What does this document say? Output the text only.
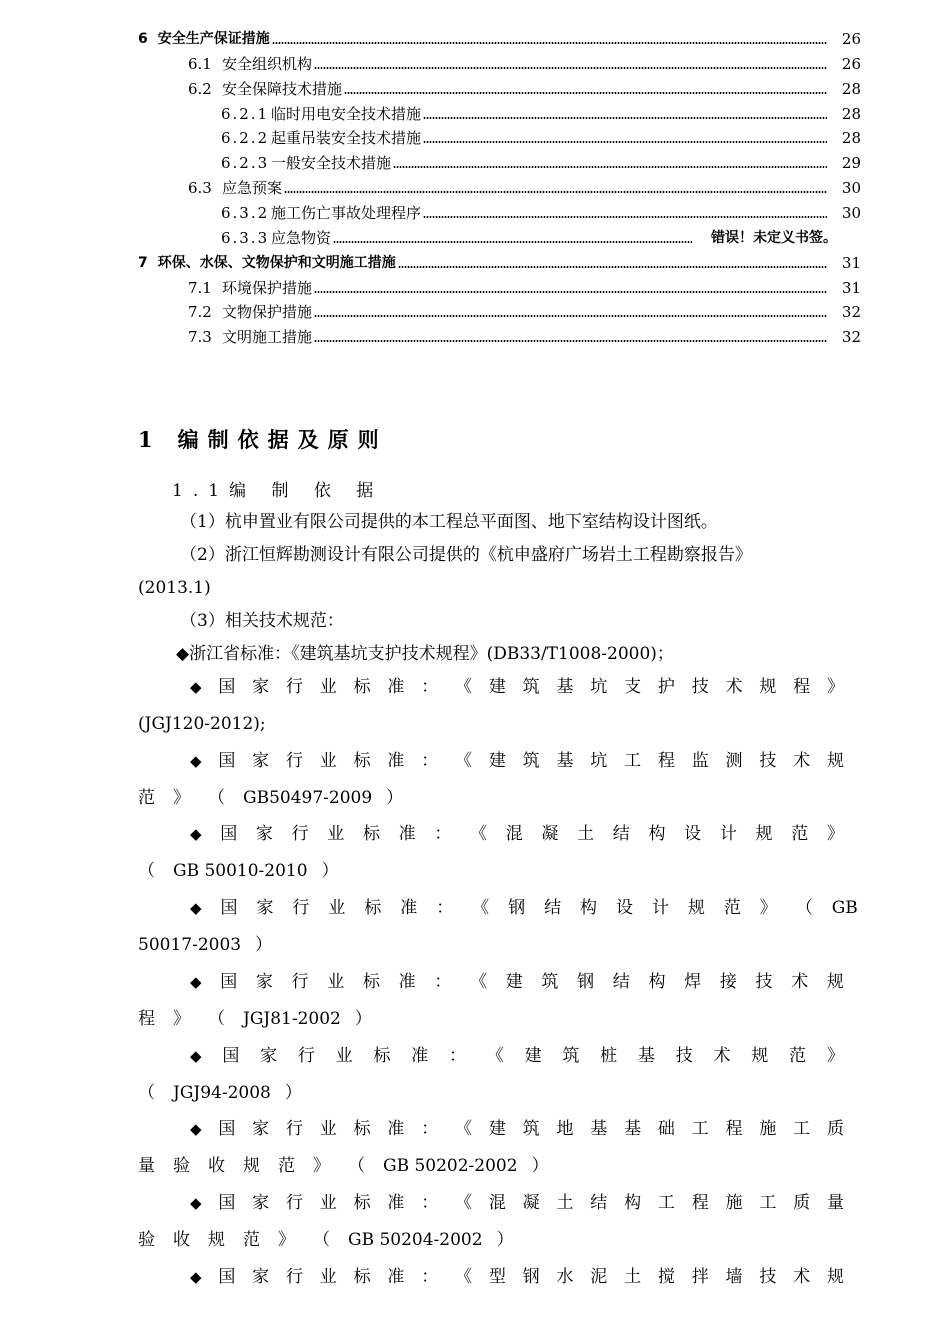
6 安全生产保证措施	26
6.1 安全组织机构	26
6.2 安全保障技术措施	28
6.2.1 临时用电安全技术措施	28
6.2.2 起重吊装安全技术措施	28
6.2.3 一般安全技术措施	29
6.3 应急预案	30
6.3.2 施工伤亡事故处理程序	30
6.3.3 应急物资	错误！未定义书签。
7 环保、水保、文物保护和文明施工措施	31
7.1 环境保护措施	31
7.2 文物保护措施	32
7.3 文明施工措施	32
1 编制依据及原则
1.1编 制 依 据
（1）杭申置业有限公司提供的本工程总平面图、地下室结构设计图纸。
（2）浙江恒辉勘测设计有限公司提供的《杭申盛府广场岩土工程勘察报告》
(2013.1)
（3）相关技术规范：
◆浙江省标准：《建筑基坑支护技术规程》(DB33/T1008-2000)；
◆ 国 家 行 业 标 准 ： 《 建 筑 基 坑 支 护 技 术 规 程 》
(JGJ120-2012);
◆ 国 家 行 业 标 准 ： 《 建 筑 基 坑 工 程 监 测 技 术 规
范 》 （ GB50497-2009 ）
◆ 国 家 行 业 标 准 ： 《 混 凝 土 结 构 设 计 规 范 》
（ GB 50010-2010 ）
◆ 国 家 行 业 标 准 ： 《 钢 结 构 设 计 规 范 》 （ GB
50017-2003 ）
◆ 国 家 行 业 标 准 ： 《 建 筑 钢 结 构 焊 接 技 术 规
程 》 （ JGJ81-2002 ）
◆ 国 家 行 业 标 准 ： 《 建 筑 桩 基 技 术 规 范 》
（ JGJ94-2008 ）
◆ 国 家 行 业 标 准 ： 《 建 筑 地 基 基 础 工 程 施 工 质
量 验 收 规 范 》 （ GB 50202-2002 ）
◆ 国 家 行 业 标 准 ： 《 混 凝 土 结 构 工 程 施 工 质 量
验 收 规 范 》 （ GB 50204-2002 ）
◆ 国 家 行 业 标 准 ： 《 型 钢 水 泥 土 搅 拌 墙 技 术 规
